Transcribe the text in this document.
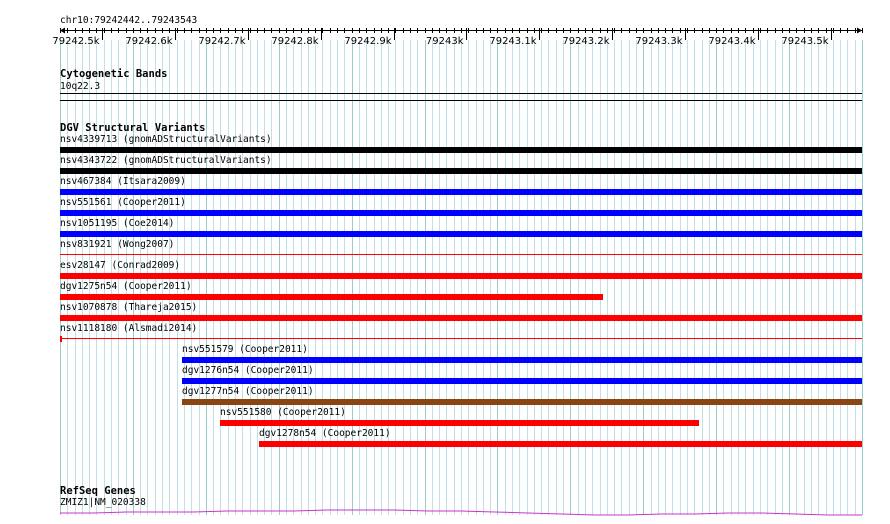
chr10:79242442..79243543
79242.5k	79242.6k	79242.7k	79242.8k	79242.9k	79243k	79243.1k	79243.2k	79243.3k	79243.4k	79243.5k
Cytogenetic Bands
10q22.3
DGV Structural Variants
nsv4339713 (gnomADStructuralVariants)
nsv4343722 (gnomADStructuralVariants)
nsv467384 (Itsara2009)
nsv551561 (Cooper2011)
nsv1051195 (Coe2014)
nsv831921 (Wong2007)
esv28147 (Conrad2009)
dgv1275n54 (Cooper2011)
nsv1070878 (Thareja2015)
nsv1118180 (Alsmadi2014)
nsv551579 (Cooper2011)
dgv1276n54 (Cooper2011)
dgv1277n54 (Cooper2011)
nsv551580 (Cooper2011)
dgv1278n54 (Cooper2011)
RefSeq Genes
ZMIZ1|NM_020338
